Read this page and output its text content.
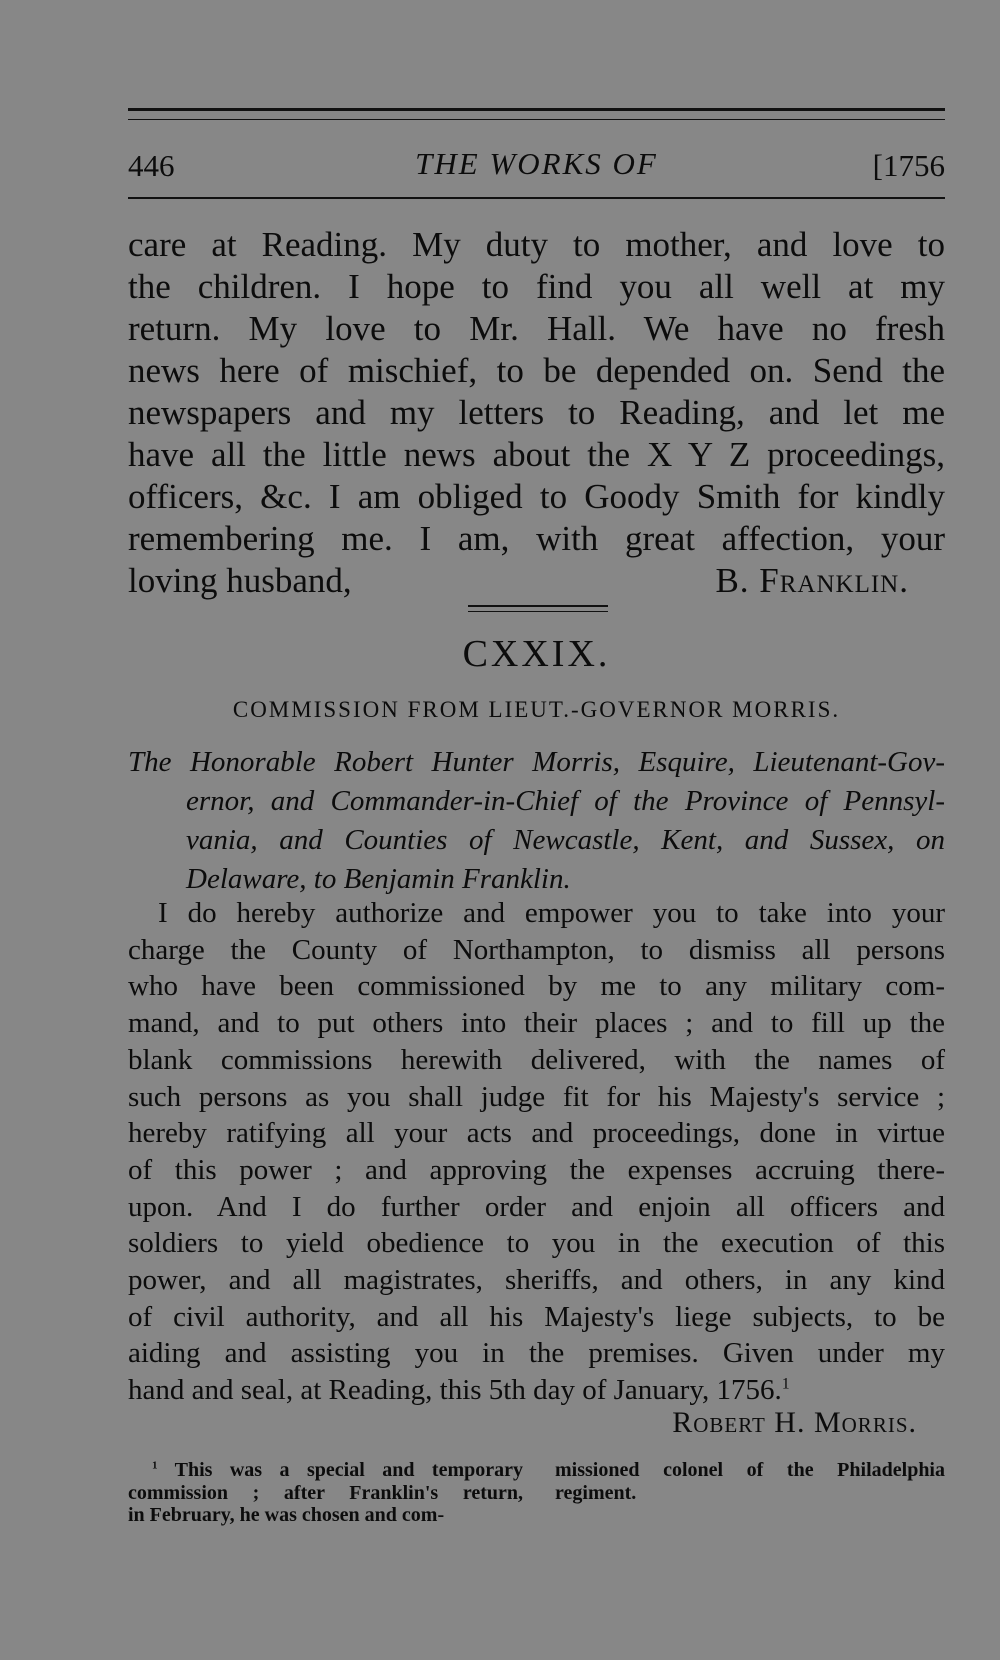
446	THE WORKS OF	[1756
care at Reading. My duty to mother, and love to
the children. I hope to find you all well at my
return. My love to Mr. Hall. We have no fresh
news here of mischief, to be depended on. Send the
newspapers and my letters to Reading, and let me
have all the little news about the X Y Z proceedings,
officers, &c. I am obliged to Goody Smith for kindly
remembering me. I am, with great affection, your
loving husband,	B. Franklin.
CXXIX.
COMMISSION FROM LIEUT.-GOVERNOR MORRIS.
The Honorable Robert Hunter Morris, Esquire, Lieutenant-Gov-
ernor, and Commander-in-Chief of the Province of Pennsyl-
vania, and Counties of Newcastle, Kent, and Sussex, on
Delaware, to Benjamin Franklin.
I do hereby authorize and empower you to take into your
charge the County of Northampton, to dismiss all persons
who have been commissioned by me to any military com-
mand, and to put others into their places ; and to fill up the
blank commissions herewith delivered, with the names of
such persons as you shall judge fit for his Majesty's service ;
hereby ratifying all your acts and proceedings, done in virtue
of this power ; and approving the expenses accruing there-
upon. And I do further order and enjoin all officers and
soldiers to yield obedience to you in the execution of this
power, and all magistrates, sheriffs, and others, in any kind
of civil authority, and all his Majesty's liege subjects, to be
aiding and assisting you in the premises. Given under my
hand and seal, at Reading, this 5th day of January, 1756.$^1$
Robert H. Morris.
$^1$ This was a special and temporary
commission ; after Franklin's return,
in February, he was chosen and com-
missioned colonel of the Philadelphia
regiment.
